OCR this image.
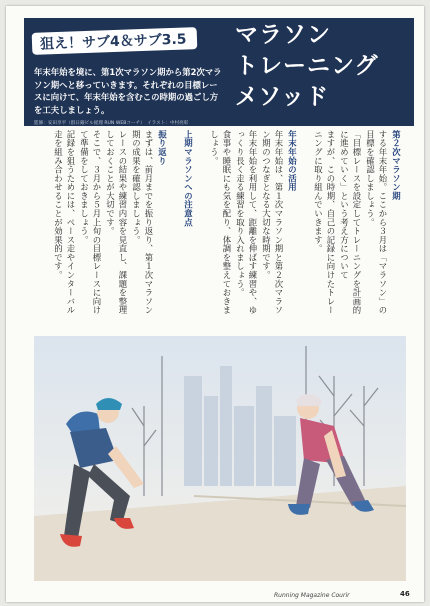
狙え！サブ4＆サブ3.5
年末年始を境に、第1次マラソン期から第2次マラソン期へと移っていきます。それぞれの目標レースに向けて、年末年始を含むこの時期の過ごし方を工夫しましょう。
監修：安田享平（群日銀ビル経理 RUN WEBコーチ）　イラスト：中村亮彰
マラソン
トレーニング
メソッド	Vol.10
第２次マラソン期
する年末年始。ここから３月は「マラソン」の目標を確認しましょう。
「目標レースを設定してトレーニングを計画的に進めていく」という考え方について
ますが、この時期、自己の記録に向けたトレーニングに取り組んでいきます。
年末年始の活用
年末年始は、第１次マラソン期と第２次マラソン期のつなぎとなる大切な時期です。
年末年始を利用して、距離を伸ばす練習や、ゆっくり長く走る練習を取り入れましょう。
食事や睡眠にも気を配り、体調を整えておきましょう。
上期マラソンへの注意点
振り返り
まずは、前月までを振り返り、第１次マラソン期の成果を確認しましょう。
レースの結果や練習内容を見直し、課題を整理しておくことが大切です。
そこで、３月から５月上旬の目標レースに向けて準備をしておきましょう。
記録を狙うためには、ペース走やインターバル走を組み合わせることが効果的です。
Running Magazine Courir	46
